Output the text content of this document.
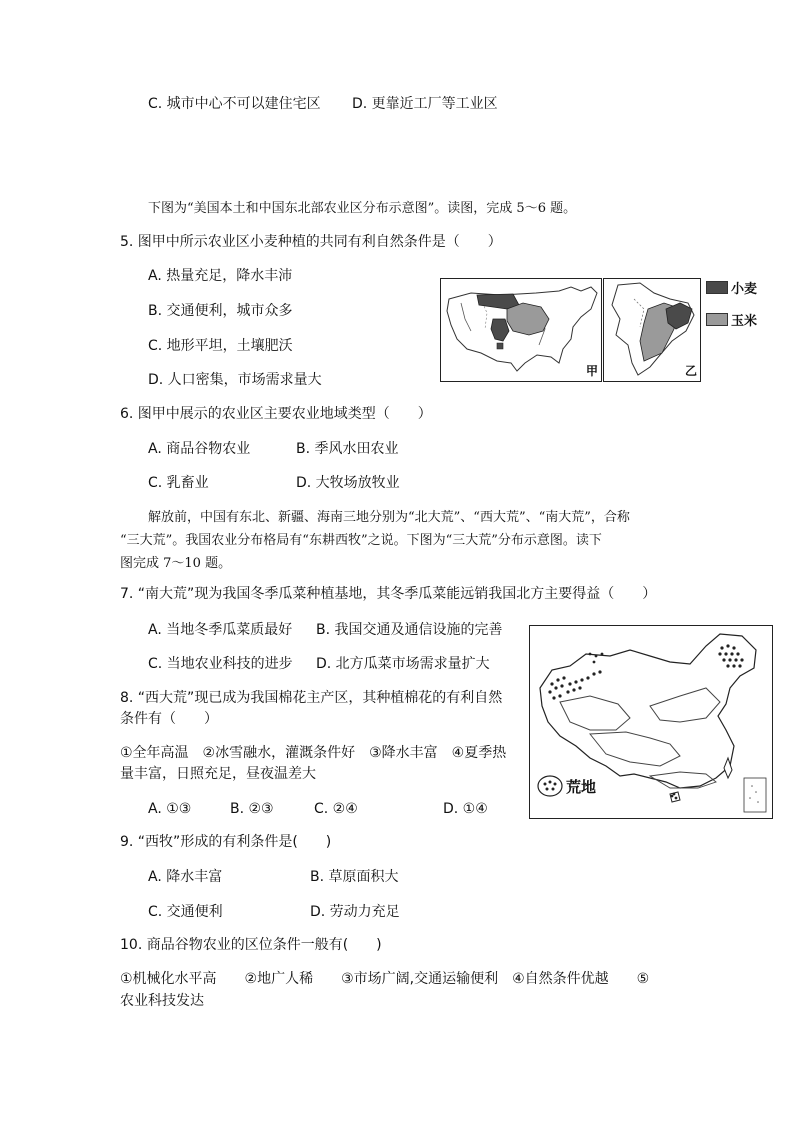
C. 城市中心不可以建住宅区 D. 更靠近工厂等工业区
下图为“美国本土和中国东北部农业区分布示意图”。读图，完成 5～6 题。
5. 图甲中所示农业区小麦种植的共同有利自然条件是（　　）
A. 热量充足，降水丰沛
B. 交通便利，城市众多
C. 地形平坦，土壤肥沃
D. 人口密集，市场需求量大
甲	乙
小麦
玉米
6. 图甲中展示的农业区主要农业地域类型（　　）
A. 商品谷物农业	B. 季风水田农业
C. 乳畜业	D. 大牧场放牧业
解放前，中国有东北、新疆、海南三地分别为“北大荒”、“西大荒”、“南大荒”，合称
“三大荒”。我国农业分布格局有“东耕西牧”之说。下图为“三大荒”分布示意图。读下
图完成 7～10 题。
7. “南大荒”现为我国冬季瓜菜种植基地，其冬季瓜菜能远销我国北方主要得益（　　）
A. 当地冬季瓜菜质最好 B. 我国交通及通信设施的完善
C. 当地农业科技的进步 D. 北方瓜菜市场需求量扩大
荒地
8. “西大荒”现已成为我国棉花主产区，其种植棉花的有利自然
条件有（　　）
①全年高温　②冰雪融水，灌溉条件好　③降水丰富　④夏季热
量丰富，日照充足，昼夜温差大
A. ①③	B. ②③	C. ②④	D. ①④
9. “西牧”形成的有利条件是(　　)
A. 降水丰富	B. 草原面积大
C. 交通便利	D. 劳动力充足
10. 商品谷物农业的区位条件一般有(　　)
①机械化水平高　　②地广人稀　　③市场广阔,交通运输便利　④自然条件优越　　⑤
农业科技发达
